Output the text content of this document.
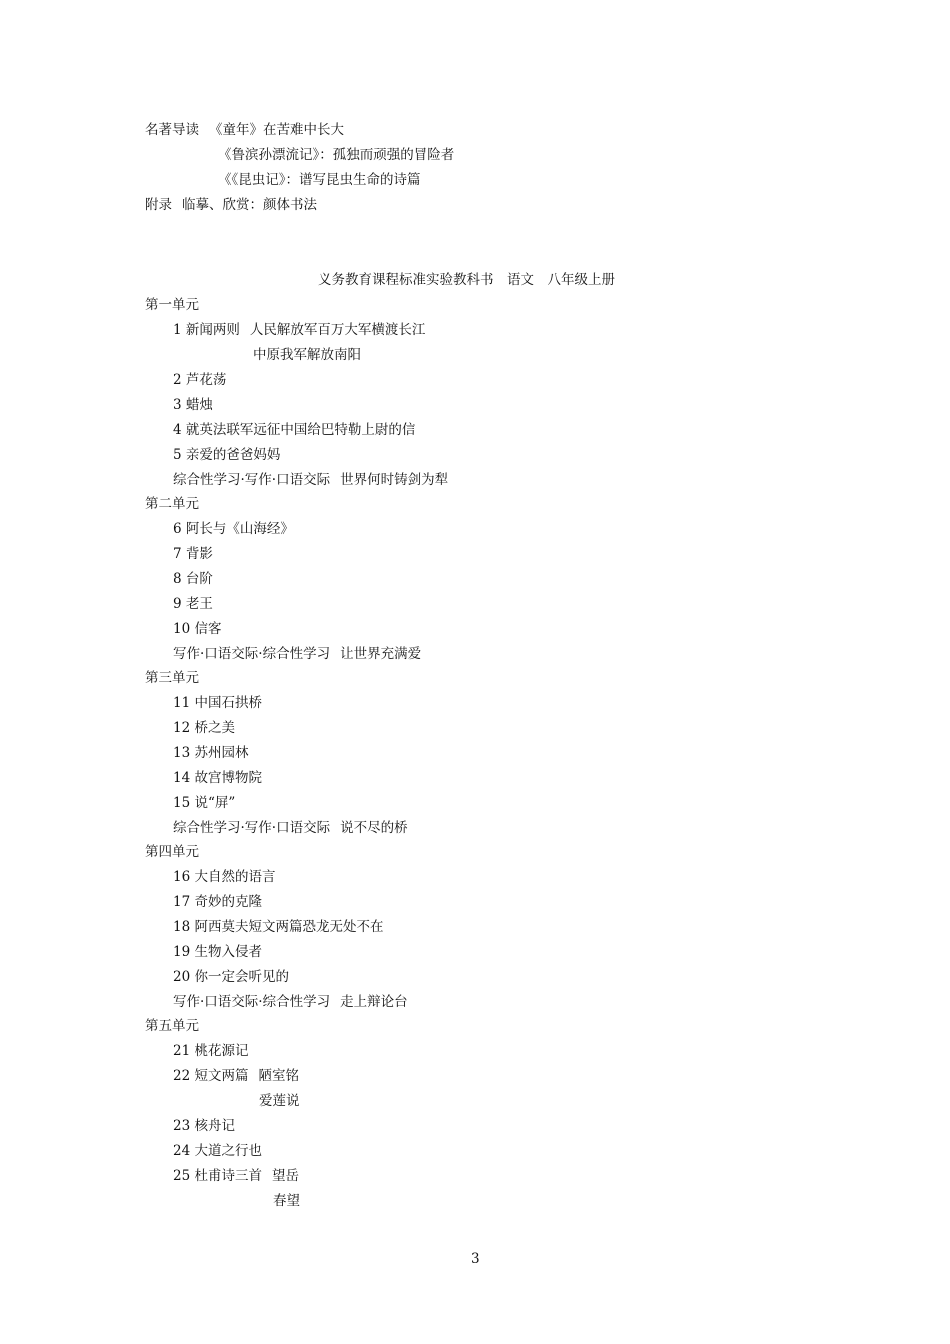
名著导读 《童年》在苦难中长大
《鲁滨孙漂流记》：孤独而顽强的冒险者
《《昆虫记》：谱写昆虫生命的诗篇
附录 临摹、欣赏：颜体书法
义务教育课程标准实验教科书　语文　八年级上册
第一单元
1 新闻两则 人民解放军百万大军横渡长江
中原我军解放南阳
2 芦花荡
3 蜡烛
4 就英法联军远征中国给巴特勒上尉的信
5 亲爱的爸爸妈妈
综合性学习·写作·口语交际 世界何时铸剑为犁
第二单元
6 阿长与《山海经》
7 背影
8 台阶
9 老王
10 信客
写作·口语交际·综合性学习 让世界充满爱
第三单元
11 中国石拱桥
12 桥之美
13 苏州园林
14 故宫博物院
15 说“屏”
综合性学习·写作·口语交际 说不尽的桥
第四单元
16 大自然的语言
17 奇妙的克隆
18 阿西莫夫短文两篇恐龙无处不在
19 生物入侵者
20 你一定会听见的
写作·口语交际·综合性学习 走上辩论台
第五单元
21 桃花源记
22 短文两篇 陋室铭
爱莲说
23 核舟记
24 大道之行也
25 杜甫诗三首 望岳
春望
3
